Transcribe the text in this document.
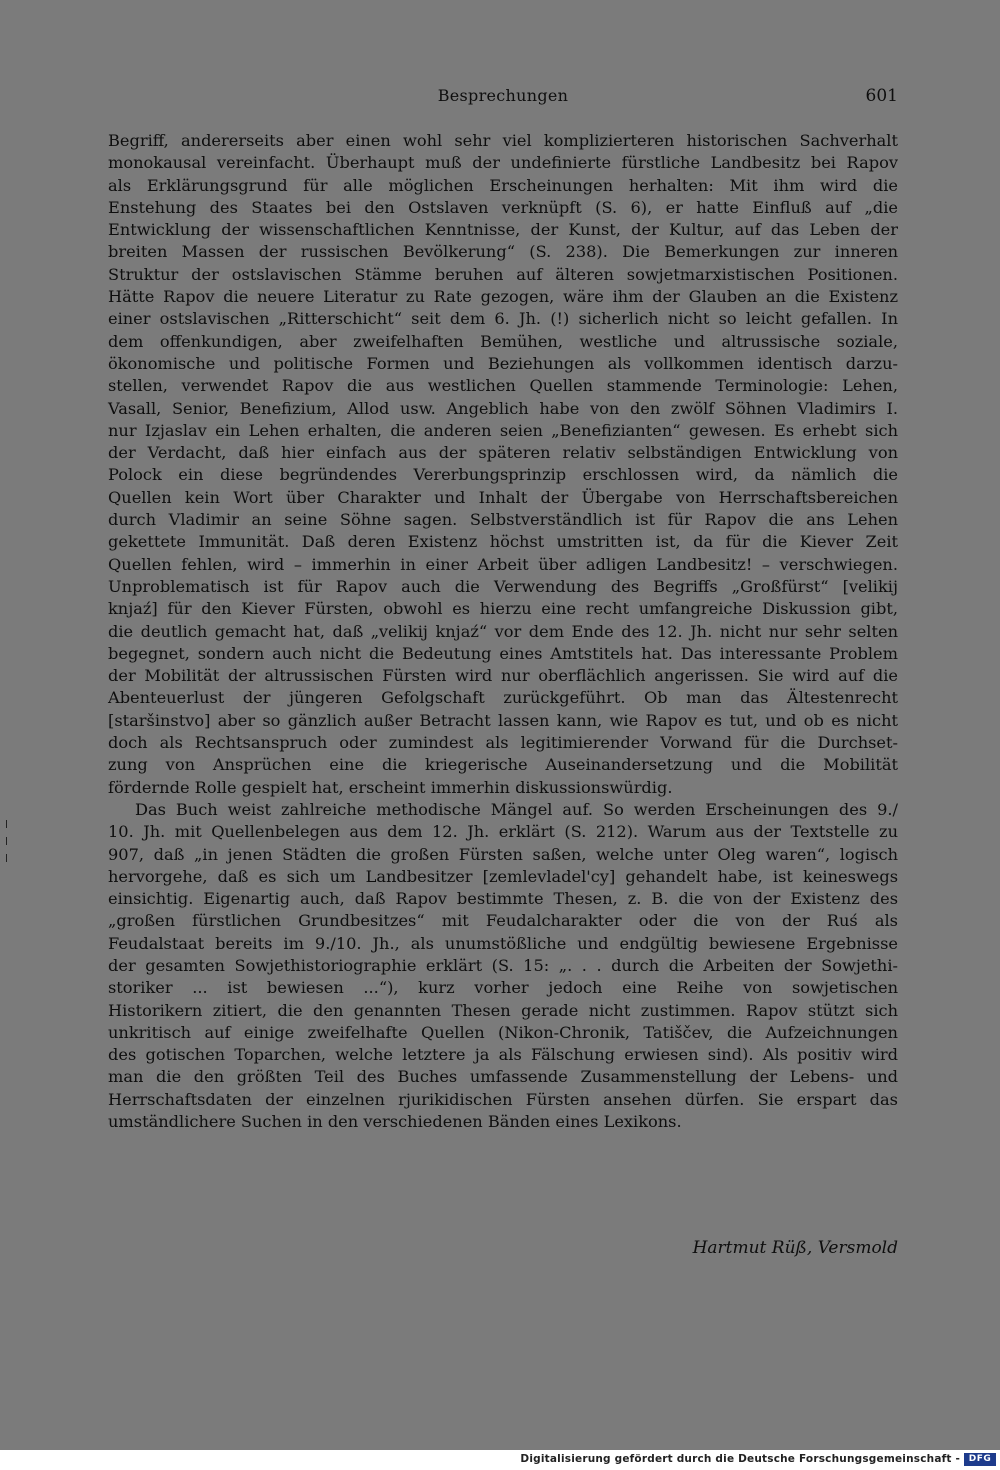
Besprechungen	601
Begriff, andererseits aber einen wohl sehr viel komplizierteren historischen Sachverhalt
monokausal vereinfacht. Überhaupt muß der undefinierte fürstliche Landbesitz bei Rapov
als Erklärungsgrund für alle möglichen Erscheinungen herhalten: Mit ihm wird die
Enstehung des Staates bei den Ostslaven verknüpft (S. 6), er hatte Einfluß auf „die
Entwicklung der wissenschaftlichen Kenntnisse, der Kunst, der Kultur, auf das Leben der
breiten Massen der russischen Bevölkerung“ (S. 238). Die Bemerkungen zur inneren
Struktur der ostslavischen Stämme beruhen auf älteren sowjetmarxistischen Positionen.
Hätte Rapov die neuere Literatur zu Rate gezogen, wäre ihm der Glauben an die Existenz
einer ostslavischen „Ritterschicht“ seit dem 6. Jh. (!) sicherlich nicht so leicht gefallen. In
dem offenkundigen, aber zweifelhaften Bemühen, westliche und altrussische soziale,
ökonomische und politische Formen und Beziehungen als vollkommen identisch darzu-
stellen, verwendet Rapov die aus westlichen Quellen stammende Terminologie: Lehen,
Vasall, Senior, Benefizium, Allod usw. Angeblich habe von den zwölf Söhnen Vladimirs I.
nur Izjaslav ein Lehen erhalten, die anderen seien „Benefizianten“ gewesen. Es erhebt sich
der Verdacht, daß hier einfach aus der späteren relativ selbständigen Entwicklung von
Polock ein diese begründendes Vererbungsprinzip erschlossen wird, da nämlich die
Quellen kein Wort über Charakter und Inhalt der Übergabe von Herrschaftsbereichen
durch Vladimir an seine Söhne sagen. Selbstverständlich ist für Rapov die ans Lehen
gekettete Immunität. Daß deren Existenz höchst umstritten ist, da für die Kiever Zeit
Quellen fehlen, wird – immerhin in einer Arbeit über adligen Landbesitz! – verschwiegen.
Unproblematisch ist für Rapov auch die Verwendung des Begriffs „Großfürst“ [velikij
knjaź] für den Kiever Fürsten, obwohl es hierzu eine recht umfangreiche Diskussion gibt,
die deutlich gemacht hat, daß „velikij knjaź“ vor dem Ende des 12. Jh. nicht nur sehr selten
begegnet, sondern auch nicht die Bedeutung eines Amtstitels hat. Das interessante Problem
der Mobilität der altrussischen Fürsten wird nur oberflächlich angerissen. Sie wird auf die
Abenteuerlust der jüngeren Gefolgschaft zurückgeführt. Ob man das Ältestenrecht
[staršinstvo] aber so gänzlich außer Betracht lassen kann, wie Rapov es tut, und ob es nicht
doch als Rechtsanspruch oder zumindest als legitimierender Vorwand für die Durchset-
zung von Ansprüchen eine die kriegerische Auseinandersetzung und die Mobilität
fördernde Rolle gespielt hat, erscheint immerhin diskussionswürdig.
Das Buch weist zahlreiche methodische Mängel auf. So werden Erscheinungen des 9./
10. Jh. mit Quellenbelegen aus dem 12. Jh. erklärt (S. 212). Warum aus der Textstelle zu
907, daß „in jenen Städten die großen Fürsten saßen, welche unter Oleg waren“, logisch
hervorgehe, daß es sich um Landbesitzer [zemlevladel'cy] gehandelt habe, ist keineswegs
einsichtig. Eigenartig auch, daß Rapov bestimmte Thesen, z. B. die von der Existenz des
„großen fürstlichen Grundbesitzes“ mit Feudalcharakter oder die von der Ruś als
Feudalstaat bereits im 9./10. Jh., als unumstößliche und endgültig bewiesene Ergebnisse
der gesamten Sowjethistoriographie erklärt (S. 15: „. . . durch die Arbeiten der Sowjethi-
storiker ... ist bewiesen ...“), kurz vorher jedoch eine Reihe von sowjetischen
Historikern zitiert, die den genannten Thesen gerade nicht zustimmen. Rapov stützt sich
unkritisch auf einige zweifelhafte Quellen (Nikon-Chronik, Tatiščev, die Aufzeichnungen
des gotischen Toparchen, welche letztere ja als Fälschung erwiesen sind). Als positiv wird
man die den größten Teil des Buches umfassende Zusammenstellung der Lebens- und
Herrschaftsdaten der einzelnen rjurikidischen Fürsten ansehen dürfen. Sie erspart das
umständlichere Suchen in den verschiedenen Bänden eines Lexikons.
Hartmut Rüß, Versmold
Digitalisierung gefördert durch die Deutsche Forschungsgemeinschaft - DFG
